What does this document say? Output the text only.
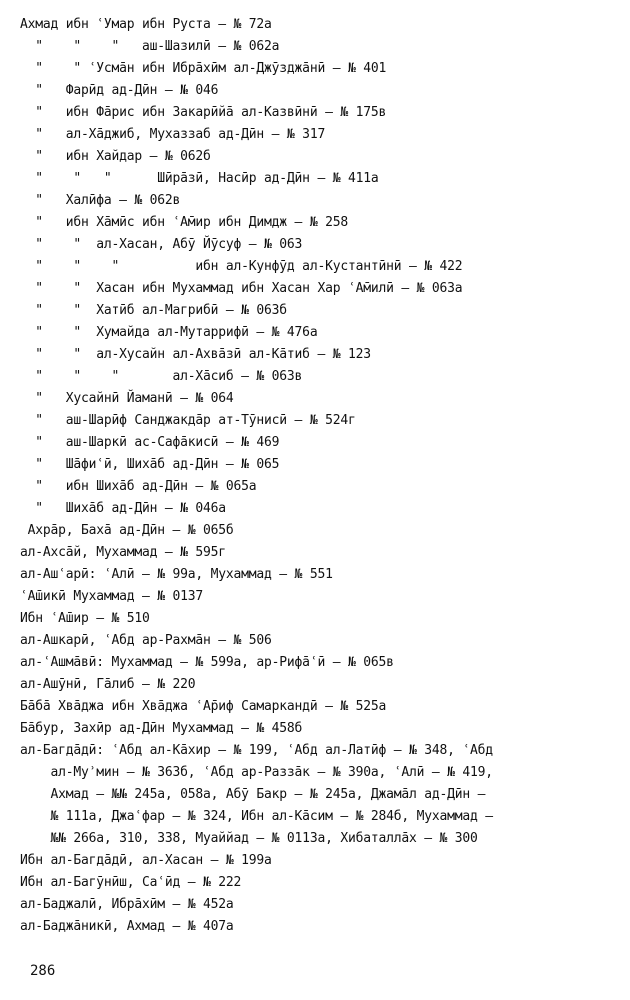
Ахмад ибн ʿУмар ибн Руста – № 72а
"    "    "   аш-Шазилӣ – № 062а
"    " ʿУсма̄н ибн Ибра̄хӣм ал-Джӯзджа̄нӣ – № 401
"   Фарӣд ад-Дӣн – № 046
"   ибн Фа̄рис ибн Закарӣйа̄ ал-Казвӣнӣ – № 175в
"   ал-Ха̄джиб, Мухаззаб ад-Дӣн – № 317
"   ибн Хайдар – № 062б
"    "   "      Шӣра̄зӣ, Насӣр ад-Дӣн – № 411а
"   Халӣфа – № 062в
"   ибн Ха̄мӣс ибн ʿА̄мир ибн Димдж – № 258
"    "  ал-Хасан, Абӯ Йӯсуф – № 063
"    "    "          ибн ал-Кунфӯд ал-Кустантӣнӣ – № 422
"    "  Хасан ибн Мухаммад ибн Хасан Хар ʿА̄милӣ – № 063а
"    "  Хатӣб ал-Магрибӣ – № 063б
"    "  Хумайда ал-Мутаррифӣ – № 476а
"    "  ал-Хусайн ал-Ахва̄зӣ ал-Ка̄тиб – № 123
"    "    "       ал-Ха̄сиб – № 063в
"   Хусайнӣ Йаманӣ – № 064
"   аш-Шарӣф Санджакда̄р ат-Тӯнисӣ – № 524г
"   аш-Шаркӣ ас-Сафа̄кисӣ – № 469
"   Ша̄фиʿӣ, Шиха̄б ад-Дӣн – № 065
"   ибн Шиха̄б ад-Дӣн – № 065а
"   Шиха̄б ад-Дӣн – № 046а
Ахра̄р, Баха̄ ад-Дӣн – № 065б
ал-Ахса̄й, Мухаммад – № 595г
ал-Ашʿарӣ: ʿАлӣ – № 99а, Мухаммад – № 551
ʿА̄шикӣ Мухаммад – № 0137
Ибн ʿА̄шир – № 510
ал-Ашкарӣ, ʿАбд ар-Рахма̄н – № 506
ал-ʿАшма̄вӣ: Мухаммад – № 599а, ар-Рифа̄ʿӣ – № 065в
ал-Ашӯнӣ, Га̄либ – № 220
Ба̄ба̄ Хва̄джа ибн Хва̄джа ʿА̄риф Самаркандӣ – № 525а
Ба̄бур, Захӣр ад-Дӣн Мухаммад – № 458б
ал-Багда̄дӣ: ʿАбд ал-Ка̄хир – № 199, ʿАбд ал-Латӣф – № 348, ʿАбд
ал-Муʾмин – № 363б, ʿАбд ар-Разза̄к – № 390а, ʿАлӣ – № 419,
Ахмад – №№ 245а, 058а, Абӯ Бакр – № 245а, Джама̄л ад-Дӣн –
№ 111а, Джаʿфар – № 324, Ибн ал-Ка̄сим – № 284б, Мухаммад –
№№ 266а, 310, 338, Муаййад – № 0113а, Хибаталла̄х – № 300
Ибн ал-Багда̄дӣ, ал-Хасан – № 199а
Ибн ал-Багӯнӣш, Саʿӣд – № 222
ал-Баджалӣ, Ибра̄хӣм – № 452а
ал-Баджа̄никӣ, Ахмад – № 407а
286
